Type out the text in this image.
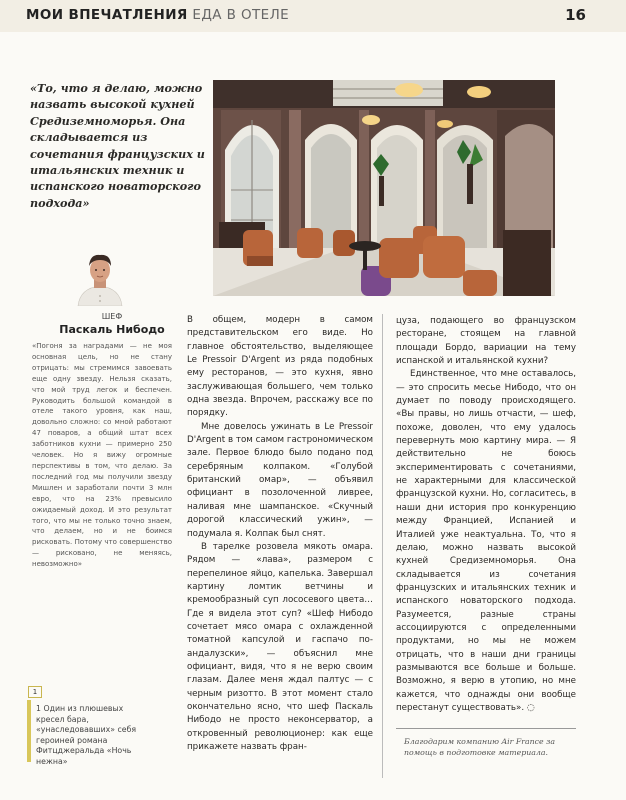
МОИ ВПЕЧАТЛЕНИЯ ЕДА В ОТЕЛЕ	16
«То, что я делаю, можно назвать высокой кухней Средиземноморья. Она складывается из сочетания французских и итальянских техник и испанского новаторского подхода»
ШЕФ
Паскаль Нибодо
«Погоня за наградами — не моя основная цель, но не стану отрицать: мы стремимся завоевать еще одну звезду. Нельзя сказать, что мой труд легок и беспечен. Руководить большой командой в отеле такого уровня, как наш, довольно сложно: со мной работают 47 поваров, а общий штат всех заботников кухни — примерно 250 человек. Но я вижу огромные перспективы в том, что делаю. За последний год мы получили звезду Мишлен и заработали почти 3 млн евро, что на 23% превысило ожидаемый доход. И это результат того, что мы не только точно знаем, что делаем, но и не боимся рисковать. Потому что совершенство — рисковано, не меняясь, невозможно»
1
1 Один из плюшевых кресел бара, «унаследовавших» себя героиней романа Фитцджеральда «Ночь нежна»

В общем, модерн в самом представительском его виде. Но главное обстоятельство, выделяющее Le Pressoir D'Argent из ряда подобных ему ресторанов, — это кухня, явно заслуживающая большего, чем только одна звезда. Впрочем, расскажу все по порядку.

Мне довелось ужинать в Le Pressoir D'Argent в том самом гастрономическом зале. Первое блюдо было подано под серебряным колпаком. «Голубой британский омар», — объявил официант в позолоченной ливрее, наливая мне шампанское. «Скучный дорогой классический ужин», — подумала я. Колпак был снят.

В тарелке розовела мякоть омара. Рядом — «лава», размером с перепелиное яйцо, капелька. Завершал картину ломтик ветчины и кремообразный суп лососевого цвета… Где я видела этот суп? «Шеф Нибодо сочетает мясо омара с охлажденной томатной капсулой и гаспачо по-андалузски», — объяснил мне официант, видя, что я не верю своим глазам. Далее меня ждал палтус — с черным ризотто. В этот момент стало окончательно ясно, что шеф Паскаль Нибодо не просто неконсерватор, а откровенный революционер: как еще прикажете назвать фран-

цуза, подающего во французском ресторане, стоящем на главной площади Бордо, вариации на тему испанской и итальянской кухни?

Единственное, что мне оставалось, — это спросить месье Нибодо, что он думает по поводу происходящего. «Вы правы, но лишь отчасти, — шеф, похоже, доволен, что ему удалось перевернуть мою картину мира. — Я действительно не боюсь экспериментировать с сочетаниями, не характерными для классической французской кухни. Но, согласитесь, в наши дни история про конкуренцию между Францией, Испанией и Италией уже неактуальна. То, что я делаю, можно назвать высокой кухней Средиземноморья. Она складывается из сочетания французских и итальянских техник и испанского новаторского подхода. Разумеется, разные страны ассоциируются с определенными продуктами, но мы не можем отрицать, что в наши дни границы размываются все больше и больше. Возможно, я верю в утопию, но мне кажется, что однажды они вообще перестанут существовать». ◌

Благодарим компанию Air France за помощь в подготовке материала.
